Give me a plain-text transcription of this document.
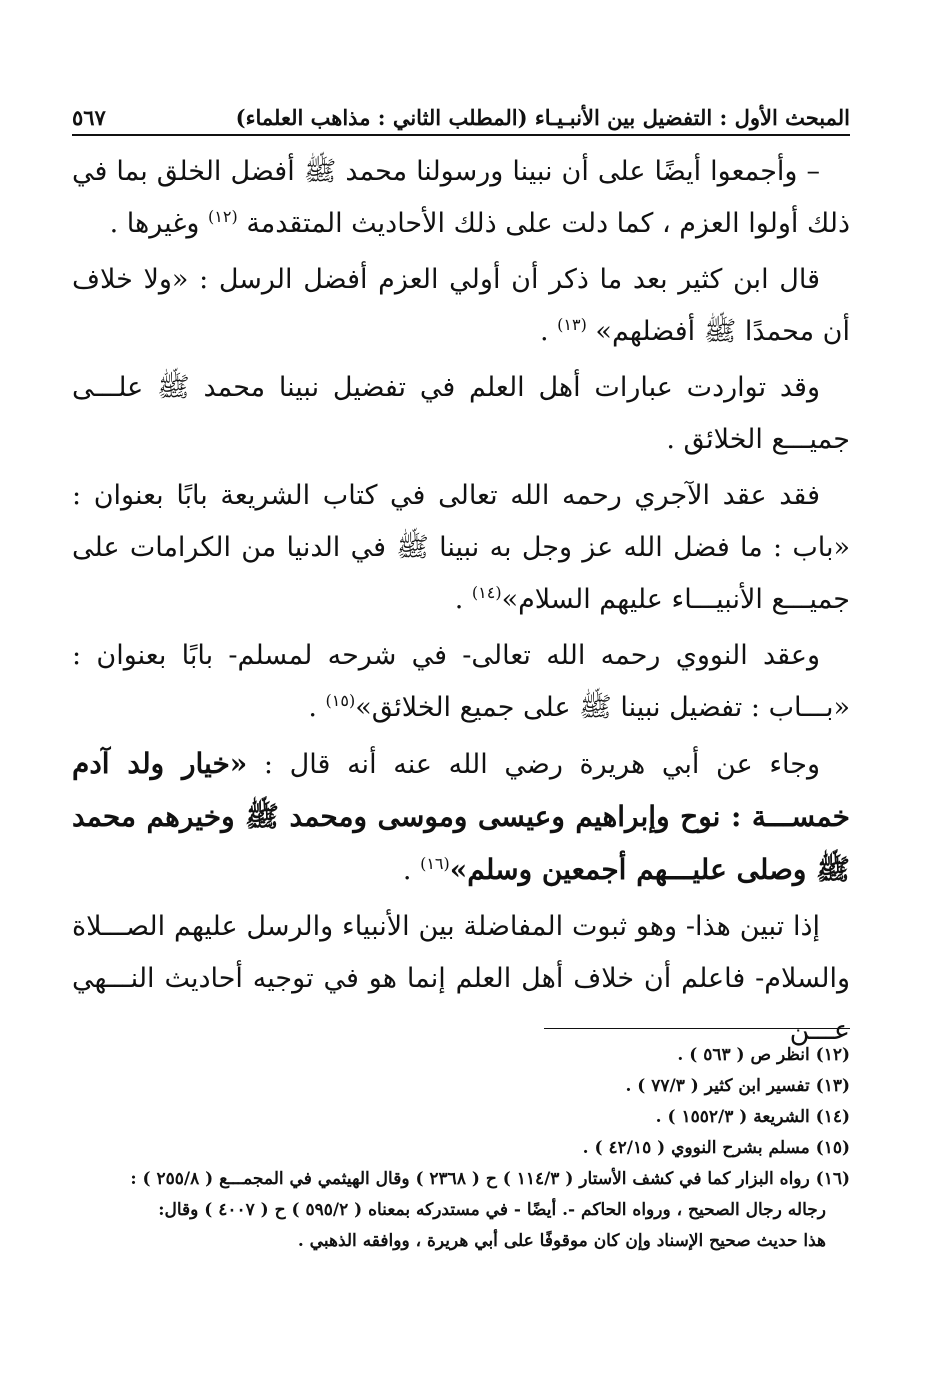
المبحث الأول : التفضيل بين الأنبـيـاء (المطلب الثاني : مذاهب العلماء)
٥٦٧

– وأجمعوا أيضًا على أن نبينا ورسولنا محمد ﷺ أفضل الخلق بما في ذلك أولوا العزم ، كما دلت على ذلك الأحاديث المتقدمة $^{(١٢)}$ وغيرها .

قال ابن كثير بعد ما ذكر أن أولي العزم أفضل الرسل : «ولا خلاف أن محمدًا ﷺ أفضلهم» $^{(١٣)}$ .

وقد تواردت عبارات أهل العلم في تفضيل نبينا محمد ﷺ علـــى جميـــع الخلائق .

فقد عقد الآجري رحمه الله تعالى في كتاب الشريعة بابًا بعنوان : «باب : ما فضل الله عز وجل به نبينا ﷺ في الدنيا من الكرامات على جميـــع الأنبيـــاء عليهم السلام»$^{(١٤)}$ .

وعقد النووي رحمه الله تعالى- في شرحه لمسلم- بابًا بعنوان : «بـــاب : تفضيل نبينا ﷺ على جميع الخلائق»$^{(١٥)}$ .

وجاء عن أبي هريرة رضي الله عنه أنه قال : «خيار ولد آدم خمســـة : نوح وإبراهيم وعيسى وموسى ومحمد ﷺ وخيرهم محمد ﷺ وصلى عليـــهم أجمعين وسلم»$^{(١٦)}$ .

إذا تبين هذا- وهو ثبوت المفاضلة بين الأنبياء والرسل عليهم الصـــلاة والسلام- فاعلم أن خلاف أهل العلم إنما هو في توجيه أحاديث النـــهي عـــن

(١٢) انظر ص ( ٥٦٣ ) .

(١٣) تفسير ابن كثير ( ٧٧/٣ ) .

(١٤) الشريعة ( ١٥٥٢/٣ ) .

(١٥) مسلم بشرح النووي ( ٤٢/١٥ ) .

(١٦) رواه البزار كما في كشف الأستار ( ١١٤/٣ ) ح ( ٢٣٦٨ ) وقال الهيثمي في المجمـــع ( ٢٥٥/٨ ) :

رجاله رجال الصحيح ، ورواه الحاكم -. أيضًا - في مستدركه بمعناه ( ٥٩٥/٢ ) ح ( ٤٠٠٧ ) وقال:

هذا حديث صحيح الإسناد وإن كان موقوفًا على أبي هريرة ، ووافقه الذهبي .
